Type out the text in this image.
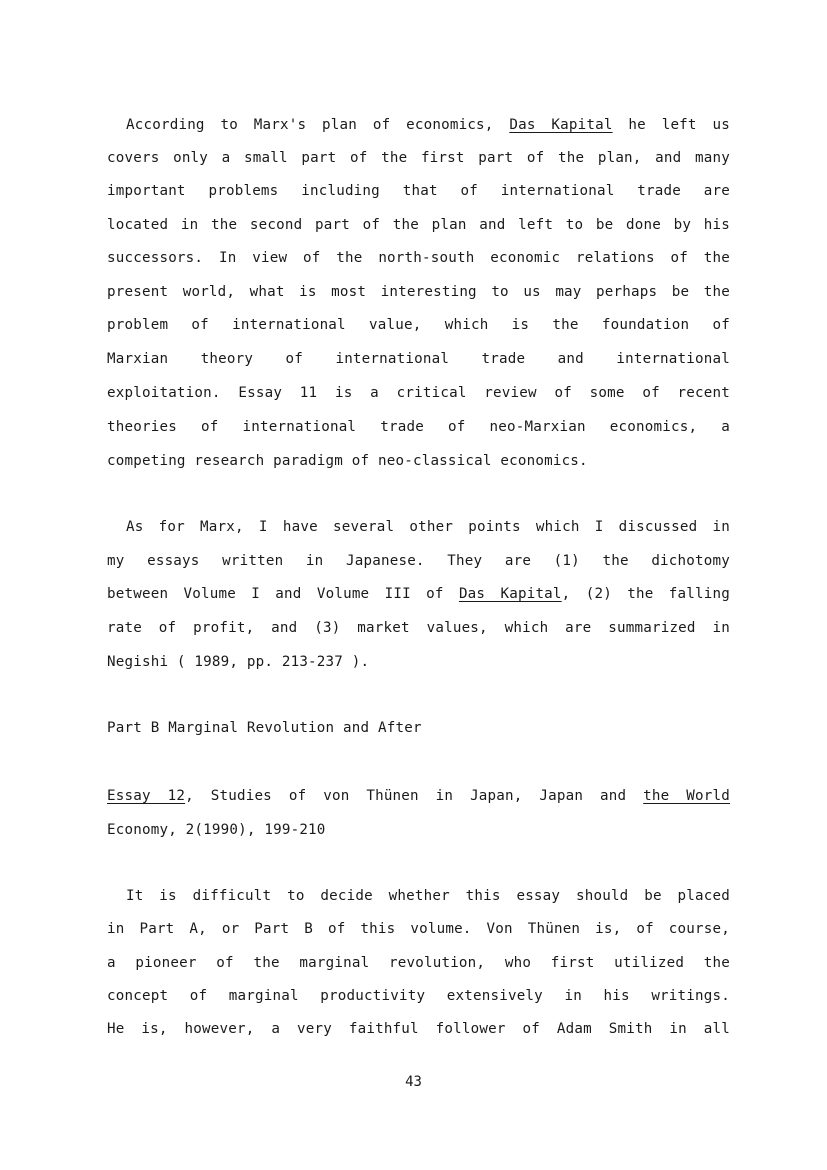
According to Marx's plan of economics, Das Kapital he left us
covers only a small part of the first part of the plan, and many
important problems including that of international trade are
located in the second part of the plan and left to be done by his
successors. In view of the north-south economic relations of the
present world, what is most interesting to us may perhaps be the
problem of international value, which is the foundation of
Marxian theory of international trade and international
exploitation. Essay 11 is a critical review of some of recent
theories of international trade of neo-Marxian economics, a
competing research paradigm of neo-classical economics.
As for Marx, I have several other points which I discussed in
my essays written in Japanese. They are (1) the dichotomy
between Volume I and Volume III of Das Kapital, (2) the falling
rate of profit, and (3) market values, which are summarized in
Negishi ( 1989, pp. 213-237 ).
Part B Marginal Revolution and After
Essay 12, Studies of von Thünen in Japan, Japan and the World
Economy, 2(1990), 199-210
It is difficult to decide whether this essay should be placed
in Part A, or Part B of this volume. Von Thünen is, of course,
a pioneer of the marginal revolution, who first utilized the
concept of marginal productivity extensively in his writings.
He is, however, a very faithful follower of Adam Smith in all
43
